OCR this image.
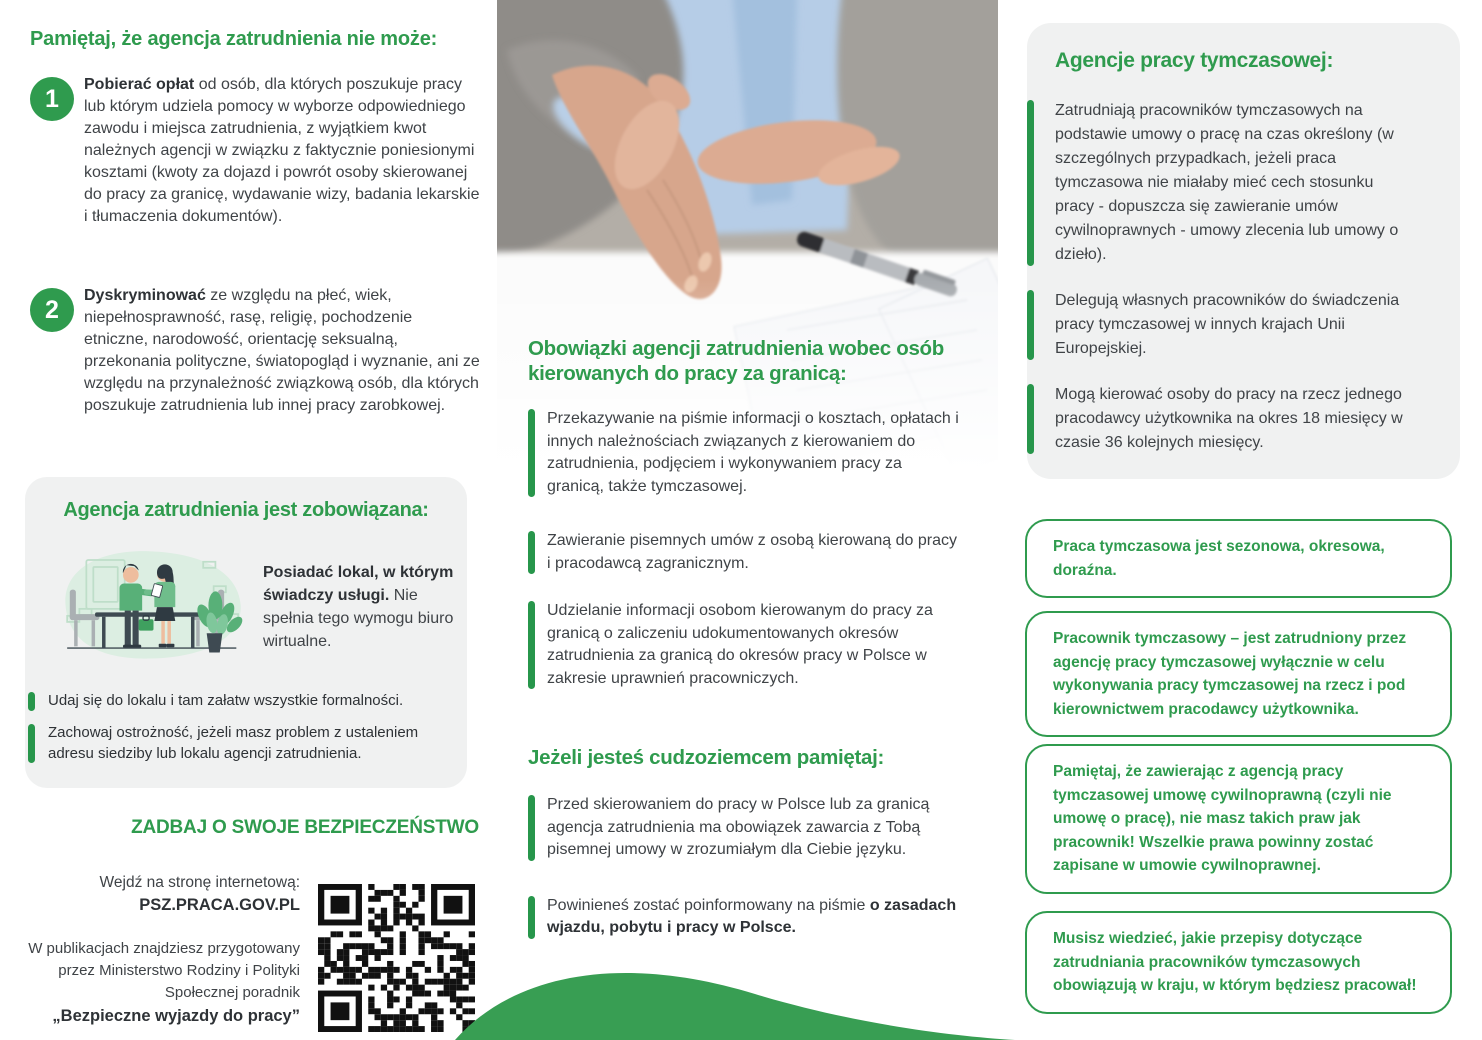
Pamiętaj, że agencja zatrudnienia nie może:
1	Pobierać opłat od osób, dla których poszukuje pracy lub którym udziela pomocy w wyborze odpowiedniego zawodu i miejsca zatrudnienia, z wyjątkiem kwot należnych agencji w związku z faktycznie poniesionymi kosztami (kwoty za dojazd i powrót osoby skierowanej do pracy za granicę, wydawanie wizy, badania lekarskie i tłumaczenia dokumentów).

2	Dyskryminować ze względu na płeć, wiek, niepełnosprawność, rasę, religię, pochodzenie etniczne, narodowość, orientację seksualną, przekonania polityczne, światopogląd i wyznanie, ani ze względu na przynależność związkową osób, dla których poszukuje zatrudnienia lub innej pracy zarobkowej.

Agencja zatrudnienia jest zobowiązana:

Posiadać lokal, w którym świadczy usługi. Nie spełnia tego wymogu biuro wirtualne.

Udaj się do lokalu i tam załatw wszystkie formalności.

Zachowaj ostrożność, jeżeli masz problem z ustaleniem adresu siedziby lub lokalu agencji zatrudnienia.

ZADBAJ O SWOJE BEZPIECZEŃSTWO

Wejdź na stronę internetową:
PSZ.PRACA.GOV.PL

W publikacjach znajdziesz przygotowany przez Ministerstwo Rodziny i Polityki Społecznej poradnik
„Bezpieczne wyjazdy do pracy”

Obowiązki agencji zatrudnienia wobec osób kierowanych do pracy za granicą:

Przekazywanie na piśmie informacji o kosztach, opłatach i innych należnościach związanych z kierowaniem do zatrudnienia, podjęciem i wykonywaniem pracy za granicą, także tymczasowej.

Zawieranie pisemnych umów z osobą kierowaną do pracy i pracodawcą zagranicznym.

Udzielanie informacji osobom kierowanym do pracy za granicą o zaliczeniu udokumentowanych okresów zatrudnienia za granicą do okresów pracy w Polsce w zakresie uprawnień pracowniczych.

Jeżeli jesteś cudzoziemcem pamiętaj:

Przed skierowaniem do pracy w Polsce lub za granicą agencja zatrudnienia ma obowiązek zawarcia z Tobą pisemnej umowy w zrozumiałym dla Ciebie języku.

Powinieneś zostać poinformowany na piśmie o zasadach wjazdu, pobytu i pracy w Polsce.

Agencje pracy tymczasowej:

Zatrudniają pracowników tymczasowych na podstawie umowy o pracę na czas określony (w szczególnych przypadkach, jeżeli praca tymczasowa nie miałaby mieć cech stosunku pracy - dopuszcza się zawieranie umów cywilnoprawnych - umowy zlecenia lub umowy o dzieło).

Delegują własnych pracowników do świadczenia pracy tymczasowej w innych krajach Unii Europejskiej.

Mogą kierować osoby do pracy na rzecz jednego pracodawcy użytkownika na okres 18 miesięcy w czasie 36 kolejnych miesięcy.

Praca tymczasowa jest sezonowa, okresowa, doraźna.

Pracownik tymczasowy – jest zatrudniony przez agencję pracy tymczasowej wyłącznie w celu wykonywania pracy tymczasowej na rzecz i pod kierownictwem pracodawcy użytkownika.

Pamiętaj, że zawierając z agencją pracy tymczasowej umowę cywilnoprawną (czyli nie umowę o pracę), nie masz takich praw jak pracownik! Wszelkie prawa powinny zostać zapisane w umowie cywilnoprawnej.

Musisz wiedzieć, jakie przepisy dotyczące zatrudniania pracowników tymczasowych obowiązują w kraju, w którym będziesz pracował!
